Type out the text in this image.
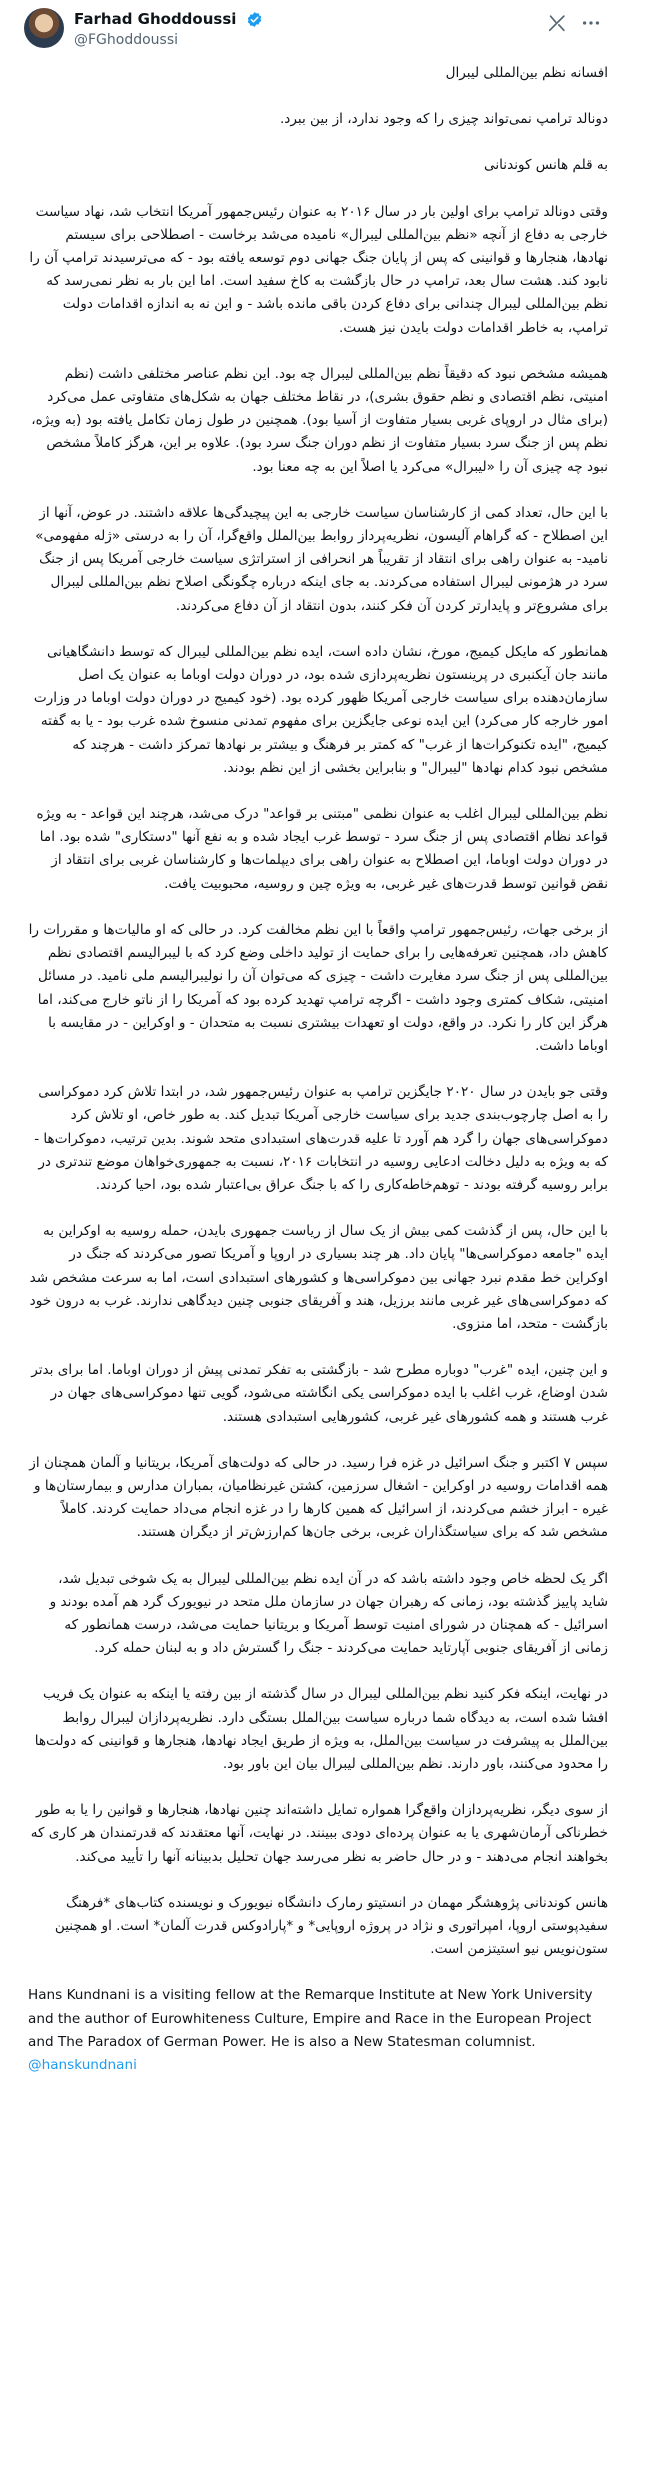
Farhad Ghoddoussi
@FGhoddoussi

افسانه نظم بین‌المللی لیبرال

دونالد ترامپ نمی‌تواند چیزی را که وجود ندارد، از بین ببرد.

به قلم هانس کوندنانی

وقتی دونالد ترامپ برای اولین بار در سال ۲۰۱۶ به عنوان رئیس‌جمهور آمریکا انتخاب شد، نهاد سیاست خارجی به دفاع از آنچه «نظم بین‌المللی لیبرال» نامیده می‌شد برخاست - اصطلاحی برای سیستم نهادها، هنجارها و قوانینی که پس از پایان جنگ جهانی دوم توسعه یافته بود - که می‌ترسیدند ترامپ آن را نابود کند. هشت سال بعد، ترامپ در حال بازگشت به کاخ سفید است. اما این بار به نظر نمی‌رسد که نظم بین‌المللی لیبرال چندانی برای دفاع کردن باقی مانده باشد - و این نه به اندازه اقدامات دولت ترامپ، به خاطر اقدامات دولت بایدن نیز هست.

همیشه مشخص نبود که دقیقاً نظم بین‌المللی لیبرال چه بود. این نظم عناصر مختلفی داشت (نظم امنیتی، نظم اقتصادی و نظم حقوق بشری)، در نقاط مختلف جهان به شکل‌های متفاوتی عمل می‌کرد (برای مثال در اروپای غربی بسیار متفاوت از آسیا بود). همچنین در طول زمان تکامل یافته بود (به ویژه، نظم پس از جنگ سرد بسیار متفاوت از نظم دوران جنگ سرد بود). علاوه بر این، هرگز کاملاً مشخص نبود چه چیزی آن را «لیبرال» می‌کرد یا اصلاً این به چه معنا بود.

با این حال، تعداد کمی از کارشناسان سیاست خارجی به این پیچیدگی‌ها علاقه داشتند. در عوض، آنها از این اصطلاح - که گراهام آلیسون، نظریه‌پرداز روابط بین‌الملل واقع‌گرا، آن را به درستی «ژله مفهومی» نامید- به عنوان راهی برای انتقاد از تقریباً هر انحرافی از استراتژی سیاست خارجی آمریکا پس از جنگ سرد در هژمونی لیبرال استفاده می‌کردند. به جای اینکه درباره چگونگی اصلاح نظم بین‌المللی لیبرال برای مشروع‌تر و پایدارتر کردن آن فکر کنند، بدون انتقاد از آن دفاع می‌کردند.

همانطور که مایکل کیمیج، مورخ، نشان داده است، ایده نظم بین‌المللی لیبرال که توسط دانشگاهیانی مانند جان آیکنبری در پرینستون نظریه‌پردازی شده بود، در دوران دولت اوباما به عنوان یک اصل سازمان‌دهنده برای سیاست خارجی آمریکا ظهور کرده بود. (خود کیمیج در دوران دولت اوباما در وزارت امور خارجه کار می‌کرد) این ایده نوعی جایگزین برای مفهوم تمدنی منسوخ شده غرب بود - یا به گفته کیمیج، "ایده تکنوکرات‌ها از غرب" که کمتر بر فرهنگ و بیشتر بر نهادها تمرکز داشت - هرچند که مشخص نبود کدام نهادها "لیبرال" و بنابراین بخشی از این نظم بودند.

نظم بین‌المللی لیبرال اغلب به عنوان نظمی "مبتنی بر قواعد" درک می‌شد، هرچند این قواعد - به ویژه قواعد نظام اقتصادی پس از جنگ سرد - توسط غرب ایجاد شده و به نفع آنها "دستکاری" شده بود. اما در دوران دولت اوباما، این اصطلاح به عنوان راهی برای دیپلمات‌ها و کارشناسان غربی برای انتقاد از نقض قوانین توسط قدرت‌های غیر غربی، به ویژه چین و روسیه، محبوبیت یافت.

از برخی جهات، رئیس‌جمهور ترامپ واقعاً با این نظم مخالفت کرد. در حالی که او مالیات‌ها و مقررات را کاهش داد، همچنین تعرفه‌هایی را برای حمایت از تولید داخلی وضع کرد که با لیبرالیسم اقتصادی نظم بین‌المللی پس از جنگ سرد مغایرت داشت - چیزی که می‌توان آن را نولیبرالیسم ملی نامید. در مسائل امنیتی، شکاف کمتری وجود داشت - اگرچه ترامپ تهدید کرده بود که آمریکا را از ناتو خارج می‌کند، اما هرگز این کار را نکرد. در واقع، دولت او تعهدات بیشتری نسبت به متحدان - و اوکراین - در مقایسه با اوباما داشت.

وقتی جو بایدن در سال ۲۰۲۰ جایگزین ترامپ به عنوان رئیس‌جمهور شد، در ابتدا تلاش کرد دموکراسی را به اصل چارچوب‌بندی جدید برای سیاست خارجی آمریکا تبدیل کند. به طور خاص، او تلاش کرد دموکراسی‌های جهان را گرد هم آورد تا علیه قدرت‌های استبدادی متحد شوند. بدین ترتیب، دموکرات‌ها - که به ویژه به دلیل دخالت ادعایی روسیه در انتخابات ۲۰۱۶، نسبت به جمهوری‌خواهان موضع تندتری در برابر روسیه گرفته بودند - توهم‌خاطه‌کاری را که با جنگ عراق بی‌اعتبار شده بود، احیا کردند.

با این حال، پس از گذشت کمی بیش از یک سال از ریاست جمهوری بایدن، حمله روسیه به اوکراین به ایده "جامعه دموکراسی‌ها" پایان داد. هر چند بسیاری در اروپا و آمریکا تصور می‌کردند که جنگ در اوکراین خط مقدم نبرد جهانی بین دموکراسی‌ها و کشورهای استبدادی است، اما به سرعت مشخص شد که دموکراسی‌های غیر غربی مانند برزیل، هند و آفریقای جنوبی چنین دیدگاهی ندارند. غرب به درون خود بازگشت - متحد، اما منزوی.

و این چنین، ایده "غرب" دوباره مطرح شد - بازگشتی به تفکر تمدنی پیش از دوران اوباما. اما برای بدتر شدن اوضاع، غرب اغلب با ایده دموکراسی یکی انگاشته می‌شود، گویی تنها دموکراسی‌های جهان در غرب هستند و همه کشورهای غیر غربی، کشورهایی استبدادی هستند.

سپس ۷ اکتبر و جنگ اسرائیل در غزه فرا رسید. در حالی که دولت‌های آمریکا، بریتانیا و آلمان همچنان از همه اقدامات روسیه در اوکراین - اشغال سرزمین، کشتن غیرنظامیان، بمباران مدارس و بیمارستان‌ها و غیره - ابراز خشم می‌کردند، از اسرائیل که همین کارها را در غزه انجام می‌داد حمایت کردند. کاملاً مشخص شد که برای سیاستگذاران غربی، برخی جان‌ها کم‌ارزش‌تر از دیگران هستند.

اگر یک لحظه خاص وجود داشته باشد که در آن ایده نظم بین‌المللی لیبرال به یک شوخی تبدیل شد، شاید پاییز گذشته بود، زمانی که رهبران جهان در سازمان ملل متحد در نیویورک گرد هم آمده بودند و اسرائیل - که همچنان در شورای امنیت توسط آمریکا و بریتانیا حمایت می‌شد، درست همانطور که زمانی از آفریقای جنوبی آپارتاید حمایت می‌کردند - جنگ را گسترش داد و به لبنان حمله کرد.

در نهایت، اینکه فکر کنید نظم بین‌المللی لیبرال در سال گذشته از بین رفته یا اینکه به عنوان یک فریب افشا شده است، به دیدگاه شما درباره سیاست بین‌الملل بستگی دارد. نظریه‌پردازان لیبرال روابط بین‌الملل به پیشرفت در سیاست بین‌الملل، به ویژه از طریق ایجاد نهادها، هنجارها و قوانینی که دولت‌ها را محدود می‌کنند، باور دارند. نظم بین‌المللی لیبرال بیان این باور بود.

از سوی دیگر، نظریه‌پردازان واقع‌گرا همواره تمایل داشته‌اند چنین نهادها، هنجارها و قوانین را یا به طور خطرناکی آرمان‌شهری یا به عنوان پرده‌ای دودی ببینند. در نهایت، آنها معتقدند که قدرتمندان هر کاری که بخواهند انجام می‌دهند - و در حال حاضر به نظر می‌رسد جهان تحلیل بدبینانه آنها را تأیید می‌کند.

هانس کوندنانی پژوهشگر مهمان در انستیتو رمارک دانشگاه نیویورک و نویسنده کتاب‌های *فرهنگ سفیدپوستی اروپا، امپراتوری و نژاد در پروژه اروپایی* و *پارادوکس قدرت آلمان* است. او همچنین ستون‌نویس نیو استیتزمن است.

Hans Kundnani is a visiting fellow at the Remarque Institute at New York University and the author of Eurowhiteness Culture, Empire and Race in the European Project and The Paradox of German Power. He is also a New Statesman columnist. @hanskundnani
